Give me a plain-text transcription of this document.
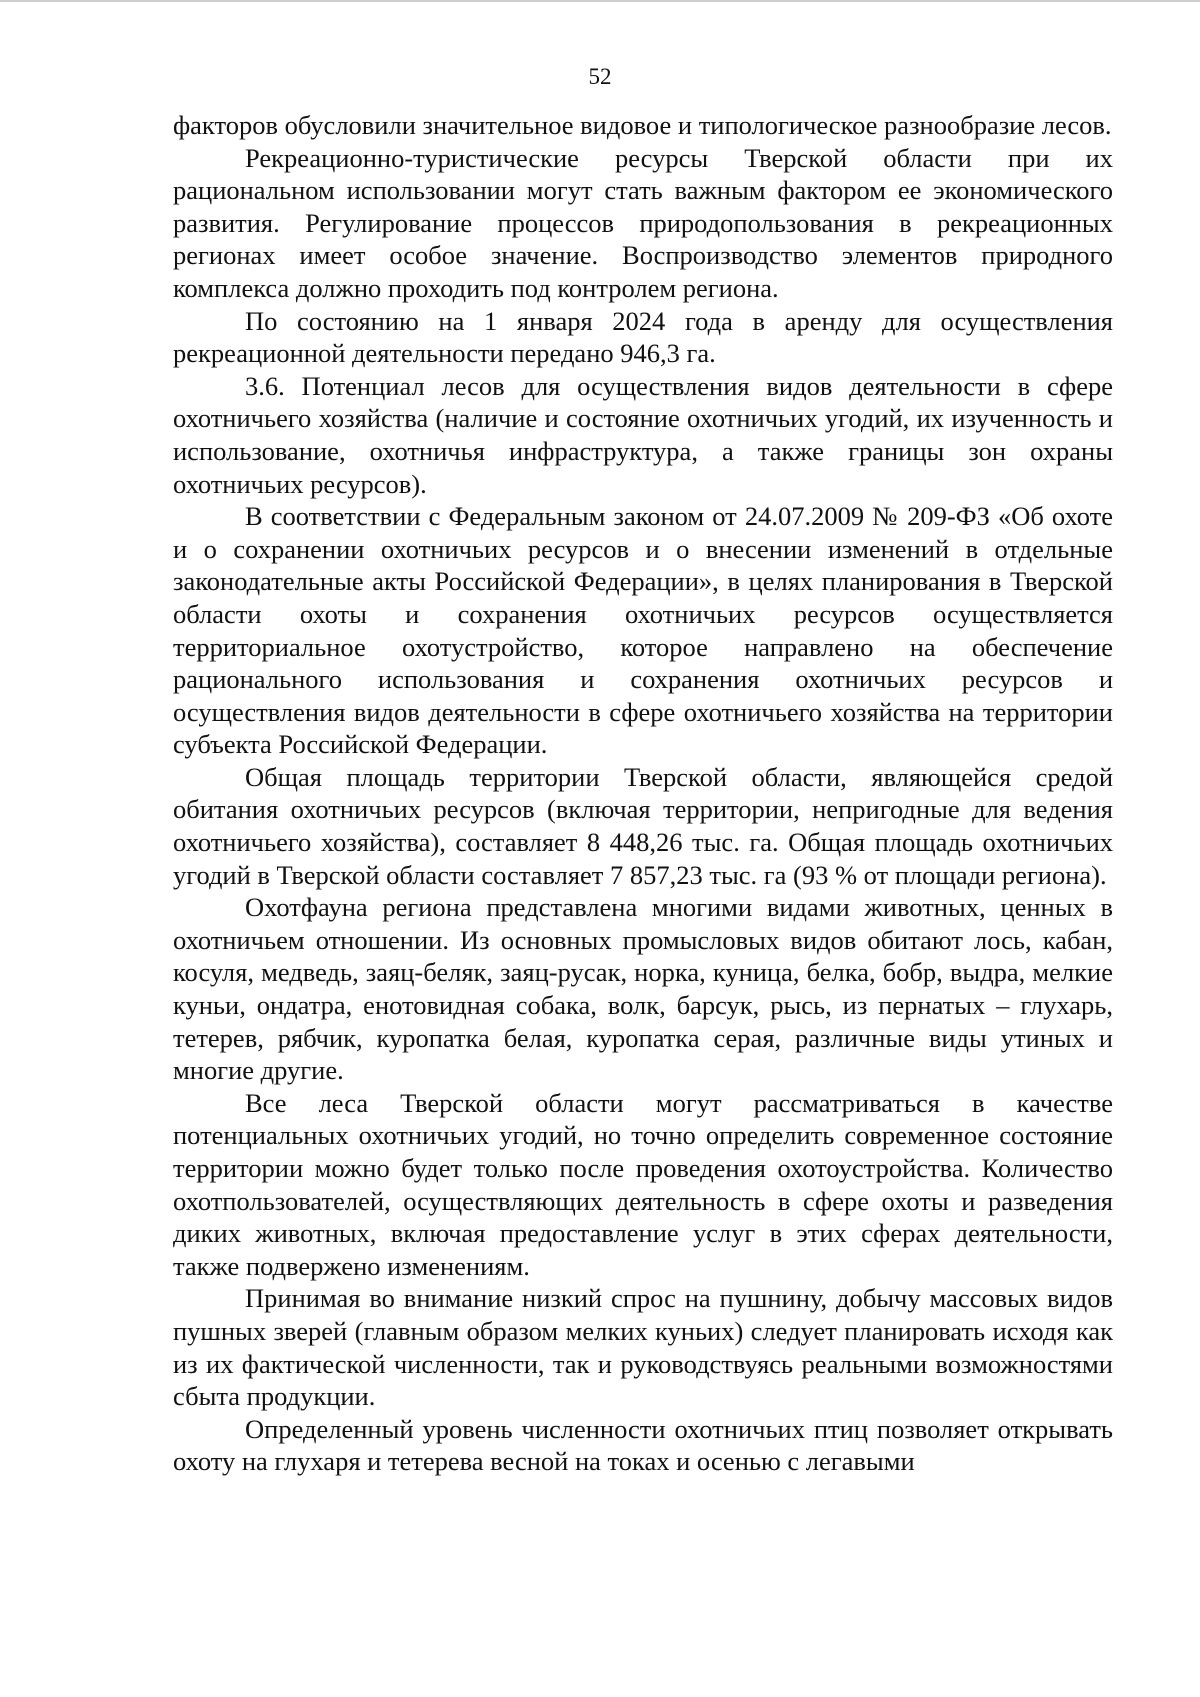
52

факторов обусловили значительное видовое и типологическое разнообразие лесов.

Рекреационно-туристические ресурсы Тверской области при их рациональном использовании могут стать важным фактором ее экономического развития. Регулирование процессов природопользования в рекреационных регионах имеет особое значение. Воспроизводство элементов природного комплекса должно проходить под контролем региона.

По состоянию на 1 января 2024 года в аренду для осуществления рекреационной деятельности передано 946,3 га.

3.6. Потенциал лесов для осуществления видов деятельности в сфере охотничьего хозяйства (наличие и состояние охотничьих угодий, их изученность и использование, охотничья инфраструктура, а также границы зон охраны охотничьих ресурсов).

В соответствии с Федеральным законом от 24.07.2009 № 209-ФЗ «Об охоте и о сохранении охотничьих ресурсов и о внесении изменений в отдельные законодательные акты Российской Федерации», в целях планирования в Тверской области охоты и сохранения охотничьих ресурсов осуществляется территориальное охотустройство, которое направлено на обеспечение рационального использования и сохранения охотничьих ресурсов и осуществления видов деятельности в сфере охотничьего хозяйства на территории субъекта Российской Федерации.

Общая площадь территории Тверской области, являющейся средой обитания охотничьих ресурсов (включая территории, непригодные для ведения охотничьего хозяйства), составляет 8 448,26 тыс. га. Общая площадь охотничьих угодий в Тверской области составляет 7 857,23 тыс. га (93 % от площади региона).

Охотфауна региона представлена многими видами животных, ценных в охотничьем отношении. Из основных промысловых видов обитают лось, кабан, косуля, медведь, заяц-беляк, заяц-русак, норка, куница, белка, бобр, выдра, мелкие куньи, ондатра, енотовидная собака, волк, барсук, рысь, из пернатых – глухарь, тетерев, рябчик, куропатка белая, куропатка серая, различные виды утиных и многие другие.

Все леса Тверской области могут рассматриваться в качестве потенциальных охотничьих угодий, но точно определить современное состояние территории можно будет только после проведения охотоустройства. Количество охотпользователей, осуществляющих деятельность в сфере охоты и разведения диких животных, включая предоставление услуг в этих сферах деятельности, также подвержено изменениям.

Принимая во внимание низкий спрос на пушнину, добычу массовых видов пушных зверей (главным образом мелких куньих) следует планировать исходя как из их фактической численности, так и руководствуясь реальными возможностями сбыта продукции.

Определенный уровень численности охотничьих птиц позволяет открывать охоту на глухаря и тетерева весной на токах и осенью с легавыми
